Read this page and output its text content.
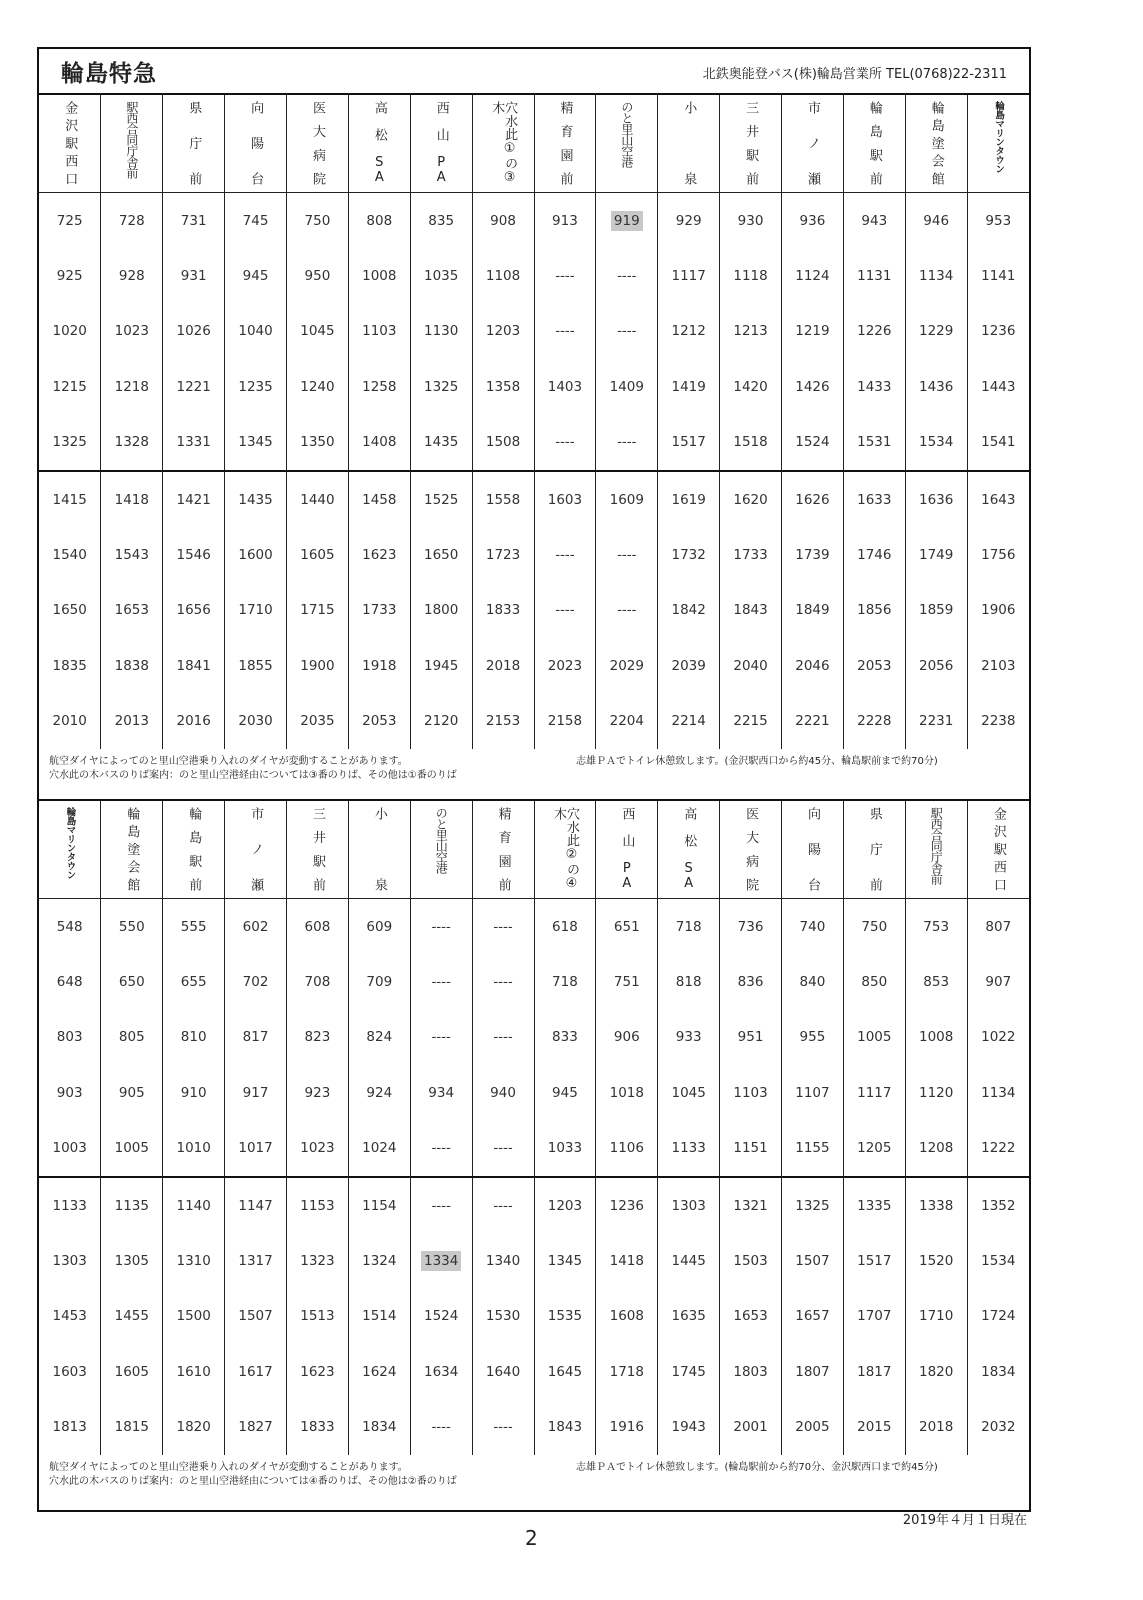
輪島特急	北鉄奥能登バス(株)輪島営業所 TEL(0768)22-2311
金沢駅西口	駅西合同庁舎前	県庁前	向陽台	医大病院	高松SA	西山PA	穴水此①の③木	精育園前	のと里山空港	小泉	三井駅前	市ノ瀬	輪島駅前	輪島塗会館	輪島マリンタウン

725	728	731	745	750	808	835	908	913	919	929	930	936	943	946	953
925	928	931	945	950	1008	1035	1108	----	----	1117	1118	1124	1131	1134	1141
1020	1023	1026	1040	1045	1103	1130	1203	----	----	1212	1213	1219	1226	1229	1236
1215	1218	1221	1235	1240	1258	1325	1358	1403	1409	1419	1420	1426	1433	1436	1443
1325	1328	1331	1345	1350	1408	1435	1508	----	----	1517	1518	1524	1531	1534	1541
1415	1418	1421	1435	1440	1458	1525	1558	1603	1609	1619	1620	1626	1633	1636	1643
1540	1543	1546	1600	1605	1623	1650	1723	----	----	1732	1733	1739	1746	1749	1756
1650	1653	1656	1710	1715	1733	1800	1833	----	----	1842	1843	1849	1856	1859	1906
1835	1838	1841	1855	1900	1918	1945	2018	2023	2029	2039	2040	2046	2053	2056	2103
2010	2013	2016	2030	2035	2053	2120	2153	2158	2204	2214	2215	2221	2228	2231	2238
航空ダイヤによってのと里山空港乗り入れのダイヤが変動することがあります。
穴水此の木バスのりば案内：のと里山空港経由については③番のりば、その他は①番のりば
志雄ＰＡでトイレ休憩致します。(金沢駅西口から約45分、輪島駅前まで約70分)
輪島マリンタウン	輪島塗会館	輪島駅前	市ノ瀬	三井駅前	小泉	のと里山空港	精育園前	穴水此②の④木	西山PA	高松SA	医大病院	向陽台	県庁前	駅西合同庁舎前	金沢駅西口

548	550	555	602	608	609	----	----	618	651	718	736	740	750	753	807
648	650	655	702	708	709	----	----	718	751	818	836	840	850	853	907
803	805	810	817	823	824	----	----	833	906	933	951	955	1005	1008	1022
903	905	910	917	923	924	934	940	945	1018	1045	1103	1107	1117	1120	1134
1003	1005	1010	1017	1023	1024	----	----	1033	1106	1133	1151	1155	1205	1208	1222
1133	1135	1140	1147	1153	1154	----	----	1203	1236	1303	1321	1325	1335	1338	1352
1303	1305	1310	1317	1323	1324	1334	1340	1345	1418	1445	1503	1507	1517	1520	1534
1453	1455	1500	1507	1513	1514	1524	1530	1535	1608	1635	1653	1657	1707	1710	1724
1603	1605	1610	1617	1623	1624	1634	1640	1645	1718	1745	1803	1807	1817	1820	1834
1813	1815	1820	1827	1833	1834	----	----	1843	1916	1943	2001	2005	2015	2018	2032
航空ダイヤによってのと里山空港乗り入れのダイヤが変動することがあります。
穴水此の木バスのりば案内：のと里山空港経由については④番のりば、その他は②番のりば
志雄ＰＡでトイレ休憩致します。(輪島駅前から約70分、金沢駅西口まで約45分)
2019年４月１日現在
2
